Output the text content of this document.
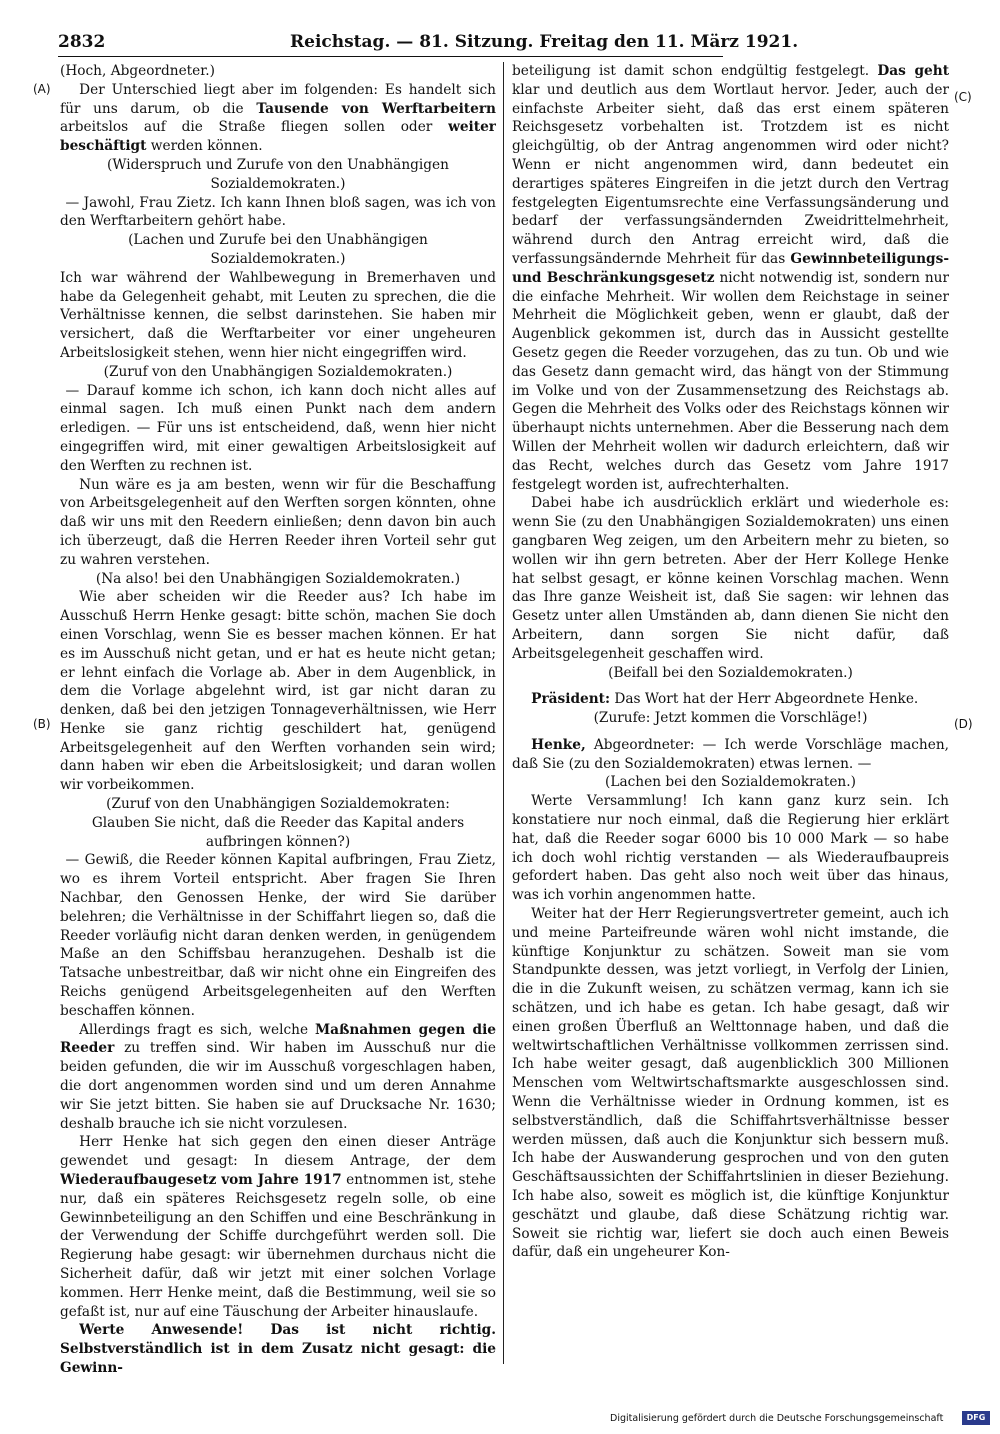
2832	Reichstag. — 81. Sitzung. Freitag den 11. März 1921.
(A)
(B)
(C)
(D)

(Hoch, Abgeordneter.)

Der Unterschied liegt aber im folgenden: Es handelt sich für uns darum, ob die Tausende von Werftarbeitern arbeitslos auf die Straße fliegen sollen oder weiter beschäftigt werden können.

(Widerspruch und Zurufe von den Unabhängigen Sozialdemokraten.)

— Jawohl, Frau Zietz. Ich kann Ihnen bloß sagen, was ich von den Werftarbeitern gehört habe.

(Lachen und Zurufe bei den Unabhängigen Sozialdemokraten.)

Ich war während der Wahlbewegung in Bremerhaven und habe da Gelegenheit gehabt, mit Leuten zu sprechen, die die Verhältnisse kennen, die selbst darinstehen. Sie haben mir versichert, daß die Werftarbeiter vor einer ungeheuren Arbeitslosigkeit stehen, wenn hier nicht eingegriffen wird.

(Zuruf von den Unabhängigen Sozialdemokraten.)

— Darauf komme ich schon, ich kann doch nicht alles auf einmal sagen. Ich muß einen Punkt nach dem andern erledigen. — Für uns ist entscheidend, daß, wenn hier nicht eingegriffen wird, mit einer gewaltigen Arbeitslosigkeit auf den Werften zu rechnen ist.

Nun wäre es ja am besten, wenn wir für die Beschaffung von Arbeitsgelegenheit auf den Werften sorgen könnten, ohne daß wir uns mit den Reedern einließen; denn davon bin auch ich überzeugt, daß die Herren Reeder ihren Vorteil sehr gut zu wahren verstehen.

(Na also! bei den Unabhängigen Sozialdemokraten.)

Wie aber scheiden wir die Reeder aus? Ich habe im Ausschuß Herrn Henke gesagt: bitte schön, machen Sie doch einen Vorschlag, wenn Sie es besser machen können. Er hat es im Ausschuß nicht getan, und er hat es heute nicht getan; er lehnt einfach die Vorlage ab. Aber in dem Augenblick, in dem die Vorlage abgelehnt wird, ist gar nicht daran zu denken, daß bei den jetzigen Tonnageverhältnissen, wie Herr Henke sie ganz richtig geschildert hat, genügend Arbeitsgelegenheit auf den Werften vorhanden sein wird; dann haben wir eben die Arbeitslosigkeit; und daran wollen wir vorbeikommen.

(Zuruf von den Unabhängigen Sozialdemokraten: Glauben Sie nicht, daß die Reeder das Kapital anders aufbringen können?)

— Gewiß, die Reeder können Kapital aufbringen, Frau Zietz, wo es ihrem Vorteil entspricht. Aber fragen Sie Ihren Nachbar, den Genossen Henke, der wird Sie darüber belehren; die Verhältnisse in der Schiffahrt liegen so, daß die Reeder vorläufig nicht daran denken werden, in genügendem Maße an den Schiffsbau heranzugehen. Deshalb ist die Tatsache unbestreitbar, daß wir nicht ohne ein Eingreifen des Reichs genügend Arbeitsgelegenheiten auf den Werften beschaffen können.

Allerdings fragt es sich, welche Maßnahmen gegen die Reeder zu treffen sind. Wir haben im Ausschuß nur die beiden gefunden, die wir im Ausschuß vorgeschlagen haben, die dort angenommen worden sind und um deren Annahme wir Sie jetzt bitten. Sie haben sie auf Drucksache Nr. 1630; deshalb brauche ich sie nicht vorzulesen.

Herr Henke hat sich gegen den einen dieser Anträge gewendet und gesagt: In diesem Antrage, der dem Wiederaufbaugesetz vom Jahre 1917 entnommen ist, stehe nur, daß ein späteres Reichsgesetz regeln solle, ob eine Gewinnbeteiligung an den Schiffen und eine Beschränkung in der Verwendung der Schiffe durchgeführt werden soll. Die Regierung habe gesagt: wir übernehmen durchaus nicht die Sicherheit dafür, daß wir jetzt mit einer solchen Vorlage kommen. Herr Henke meint, daß die Bestimmung, weil sie so gefaßt ist, nur auf eine Täuschung der Arbeiter hinauslaufe.

Werte Anwesende! Das ist nicht richtig. Selbstverständlich ist in dem Zusatz nicht gesagt: die Gewinn-

beteiligung ist damit schon endgültig festgelegt. Das geht klar und deutlich aus dem Wortlaut hervor. Jeder, auch der einfachste Arbeiter sieht, daß das erst einem späteren Reichsgesetz vorbehalten ist. Trotzdem ist es nicht gleichgültig, ob der Antrag angenommen wird oder nicht? Wenn er nicht angenommen wird, dann bedeutet ein derartiges späteres Eingreifen in die jetzt durch den Vertrag festgelegten Eigentumsrechte eine Verfassungsänderung und bedarf der verfassungsändernden Zweidrittelmehrheit, während durch den Antrag erreicht wird, daß die verfassungsändernde Mehrheit für das Gewinnbeteiligungs- und Beschränkungsgesetz nicht notwendig ist, sondern nur die einfache Mehrheit. Wir wollen dem Reichstage in seiner Mehrheit die Möglichkeit geben, wenn er glaubt, daß der Augenblick gekommen ist, durch das in Aussicht gestellte Gesetz gegen die Reeder vorzugehen, das zu tun. Ob und wie das Gesetz dann gemacht wird, das hängt von der Stimmung im Volke und von der Zusammensetzung des Reichstags ab. Gegen die Mehrheit des Volks oder des Reichstags können wir überhaupt nichts unternehmen. Aber die Besserung nach dem Willen der Mehrheit wollen wir dadurch erleichtern, daß wir das Recht, welches durch das Gesetz vom Jahre 1917 festgelegt worden ist, aufrechterhalten.

Dabei habe ich ausdrücklich erklärt und wiederhole es: wenn Sie (zu den Unabhängigen Sozialdemokraten) uns einen gangbaren Weg zeigen, um den Arbeitern mehr zu bieten, so wollen wir ihn gern betreten. Aber der Herr Kollege Henke hat selbst gesagt, er könne keinen Vorschlag machen. Wenn das Ihre ganze Weisheit ist, daß Sie sagen: wir lehnen das Gesetz unter allen Umständen ab, dann dienen Sie nicht den Arbeitern, dann sorgen Sie nicht dafür, daß Arbeitsgelegenheit geschaffen wird.

(Beifall bei den Sozialdemokraten.)

Präsident: Das Wort hat der Herr Abgeordnete Henke.

(Zurufe: Jetzt kommen die Vorschläge!)

Henke, Abgeordneter: — Ich werde Vorschläge machen, daß Sie (zu den Sozialdemokraten) etwas lernen. —

(Lachen bei den Sozialdemokraten.)

Werte Versammlung! Ich kann ganz kurz sein. Ich konstatiere nur noch einmal, daß die Regierung hier erklärt hat, daß die Reeder sogar 6000 bis 10 000 Mark — so habe ich doch wohl richtig verstanden — als Wiederaufbaupreis gefordert haben. Das geht also noch weit über das hinaus, was ich vorhin angenommen hatte.

Weiter hat der Herr Regierungsvertreter gemeint, auch ich und meine Parteifreunde wären wohl nicht imstande, die künftige Konjunktur zu schätzen. Soweit man sie vom Standpunkte dessen, was jetzt vorliegt, in Verfolg der Linien, die in die Zukunft weisen, zu schätzen vermag, kann ich sie schätzen, und ich habe es getan. Ich habe gesagt, daß wir einen großen Überfluß an Welttonnage haben, und daß die weltwirtschaftlichen Verhältnisse vollkommen zerrissen sind. Ich habe weiter gesagt, daß augenblicklich 300 Millionen Menschen vom Weltwirtschaftsmarkte ausgeschlossen sind. Wenn die Verhältnisse wieder in Ordnung kommen, ist es selbstverständlich, daß die Schiffahrtsverhältnisse besser werden müssen, daß auch die Konjunktur sich bessern muß. Ich habe der Auswanderung gesprochen und von den guten Geschäftsaussichten der Schiffahrtslinien in dieser Beziehung. Ich habe also, soweit es möglich ist, die künftige Konjunktur geschätzt und glaube, daß diese Schätzung richtig war. Soweit sie richtig war, liefert sie doch auch einen Beweis dafür, daß ein ungeheurer Kon-

Digitalisierung gefördert durch die Deutsche Forschungsgemeinschaft	DFG
